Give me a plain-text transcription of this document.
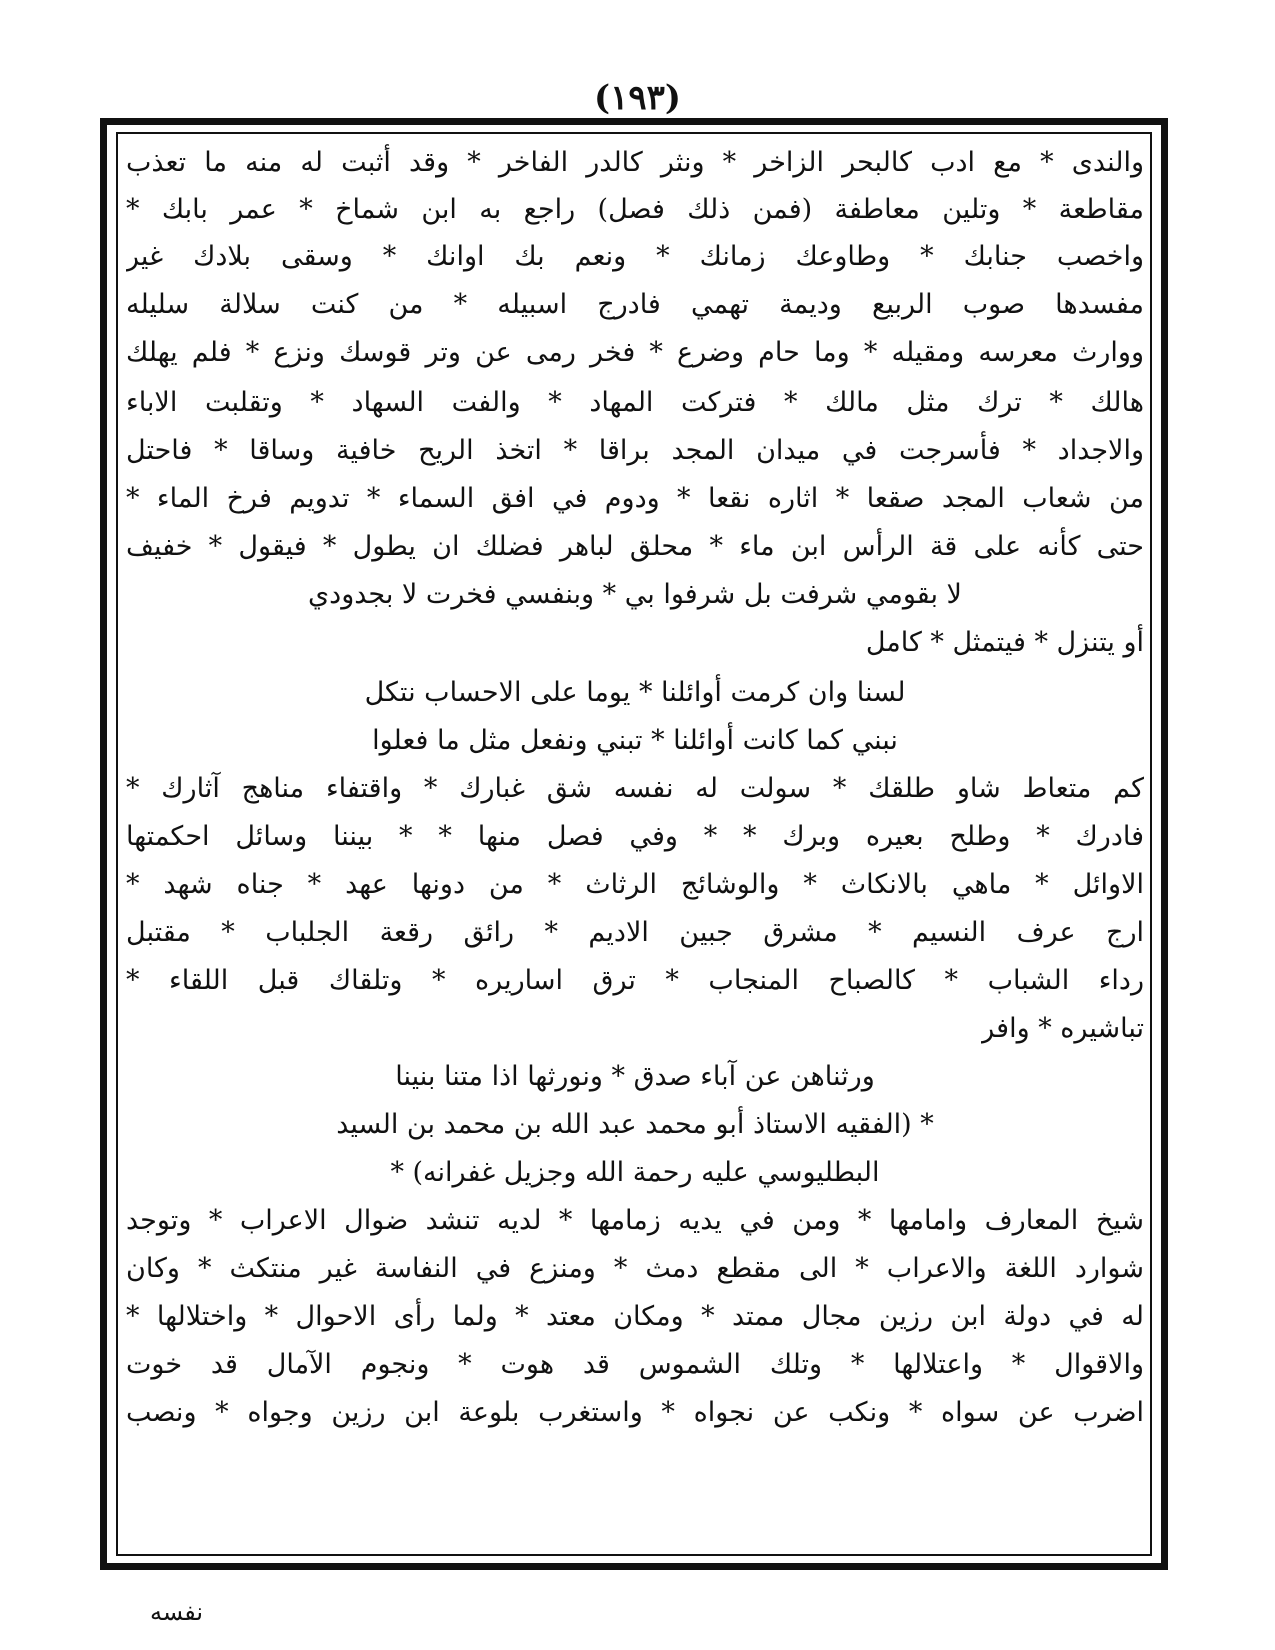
(١٩٣)
والندى * مع ادب كالبحر الزاخر * ونثر كالدر الفاخر * وقد أثبت له منه ما تعذب
مقاطعة * وتلين معاطفة (فمن ذلك فصل) راجع به ابن شماخ * عمر بابك *
واخصب جنابك * وطاوعك زمانك * ونعم بك اوانك * وسقى بلادك غير
مفسدها صوب الربيع وديمة تهمي فادرج اسبيله * من كنت سلالة سليله
ووارث معرسه ومقيله * وما حام وضرع * فخر رمى عن وتر قوسك ونزع * فلم يهلك
هالك * ترك مثل مالك * فتركت المهاد * والفت السهاد * وتقلبت الاباء
والاجداد * فأسرجت في ميدان المجد براقا * اتخذ الريح خافية وساقا * فاحتل
من شعاب المجد صقعا * اثاره نقعا * ودوم في افق السماء * تدويم فرخ الماء *
حتى كأنه على قة الرأس ابن ماء * محلق لباهر فضلك ان يطول * فيقول * خفيف
لا بقومي شرفت بل شرفوا بي * وبنفسي فخرت لا بجدودي
أو يتنزل * فيتمثل * كامل
لسنا وان كرمت أوائلنا * يوما على الاحساب نتكل
نبني كما كانت أوائلنا * تبني ونفعل مثل ما فعلوا
كم متعاط شاو طلقك * سولت له نفسه شق غبارك * واقتفاء مناهج آثارك *
فادرك * وطلح بعيره وبرك * * وفي فصل منها * * بيننا وسائل احكمتها
الاوائل * ماهي بالانكاث * والوشائج الرثاث * من دونها عهد * جناه شهد *
ارج عرف النسيم * مشرق جبين الاديم * رائق رقعة الجلباب * مقتبل
رداء الشباب * كالصباح المنجاب * ترق اساريره * وتلقاك قبل اللقاء *
تباشيره * وافر
ورثناهن عن آباء صدق * ونورثها اذا متنا بنينا
* (الفقيه الاستاذ أبو محمد عبد الله بن محمد بن السيد
البطليوسي عليه رحمة الله وجزيل غفرانه) *
شيخ المعارف وامامها * ومن في يديه زمامها * لديه تنشد ضوال الاعراب * وتوجد
شوارد اللغة والاعراب * الى مقطع دمث * ومنزع في النفاسة غير منتكث * وكان
له في دولة ابن رزين مجال ممتد * ومكان معتد * ولما رأى الاحوال * واختلالها *
والاقوال * واعتلالها * وتلك الشموس قد هوت * ونجوم الآمال قد خوت
اضرب عن سواه * ونكب عن نجواه * واستغرب بلوعة ابن رزين وجواه * ونصب
نفسه
